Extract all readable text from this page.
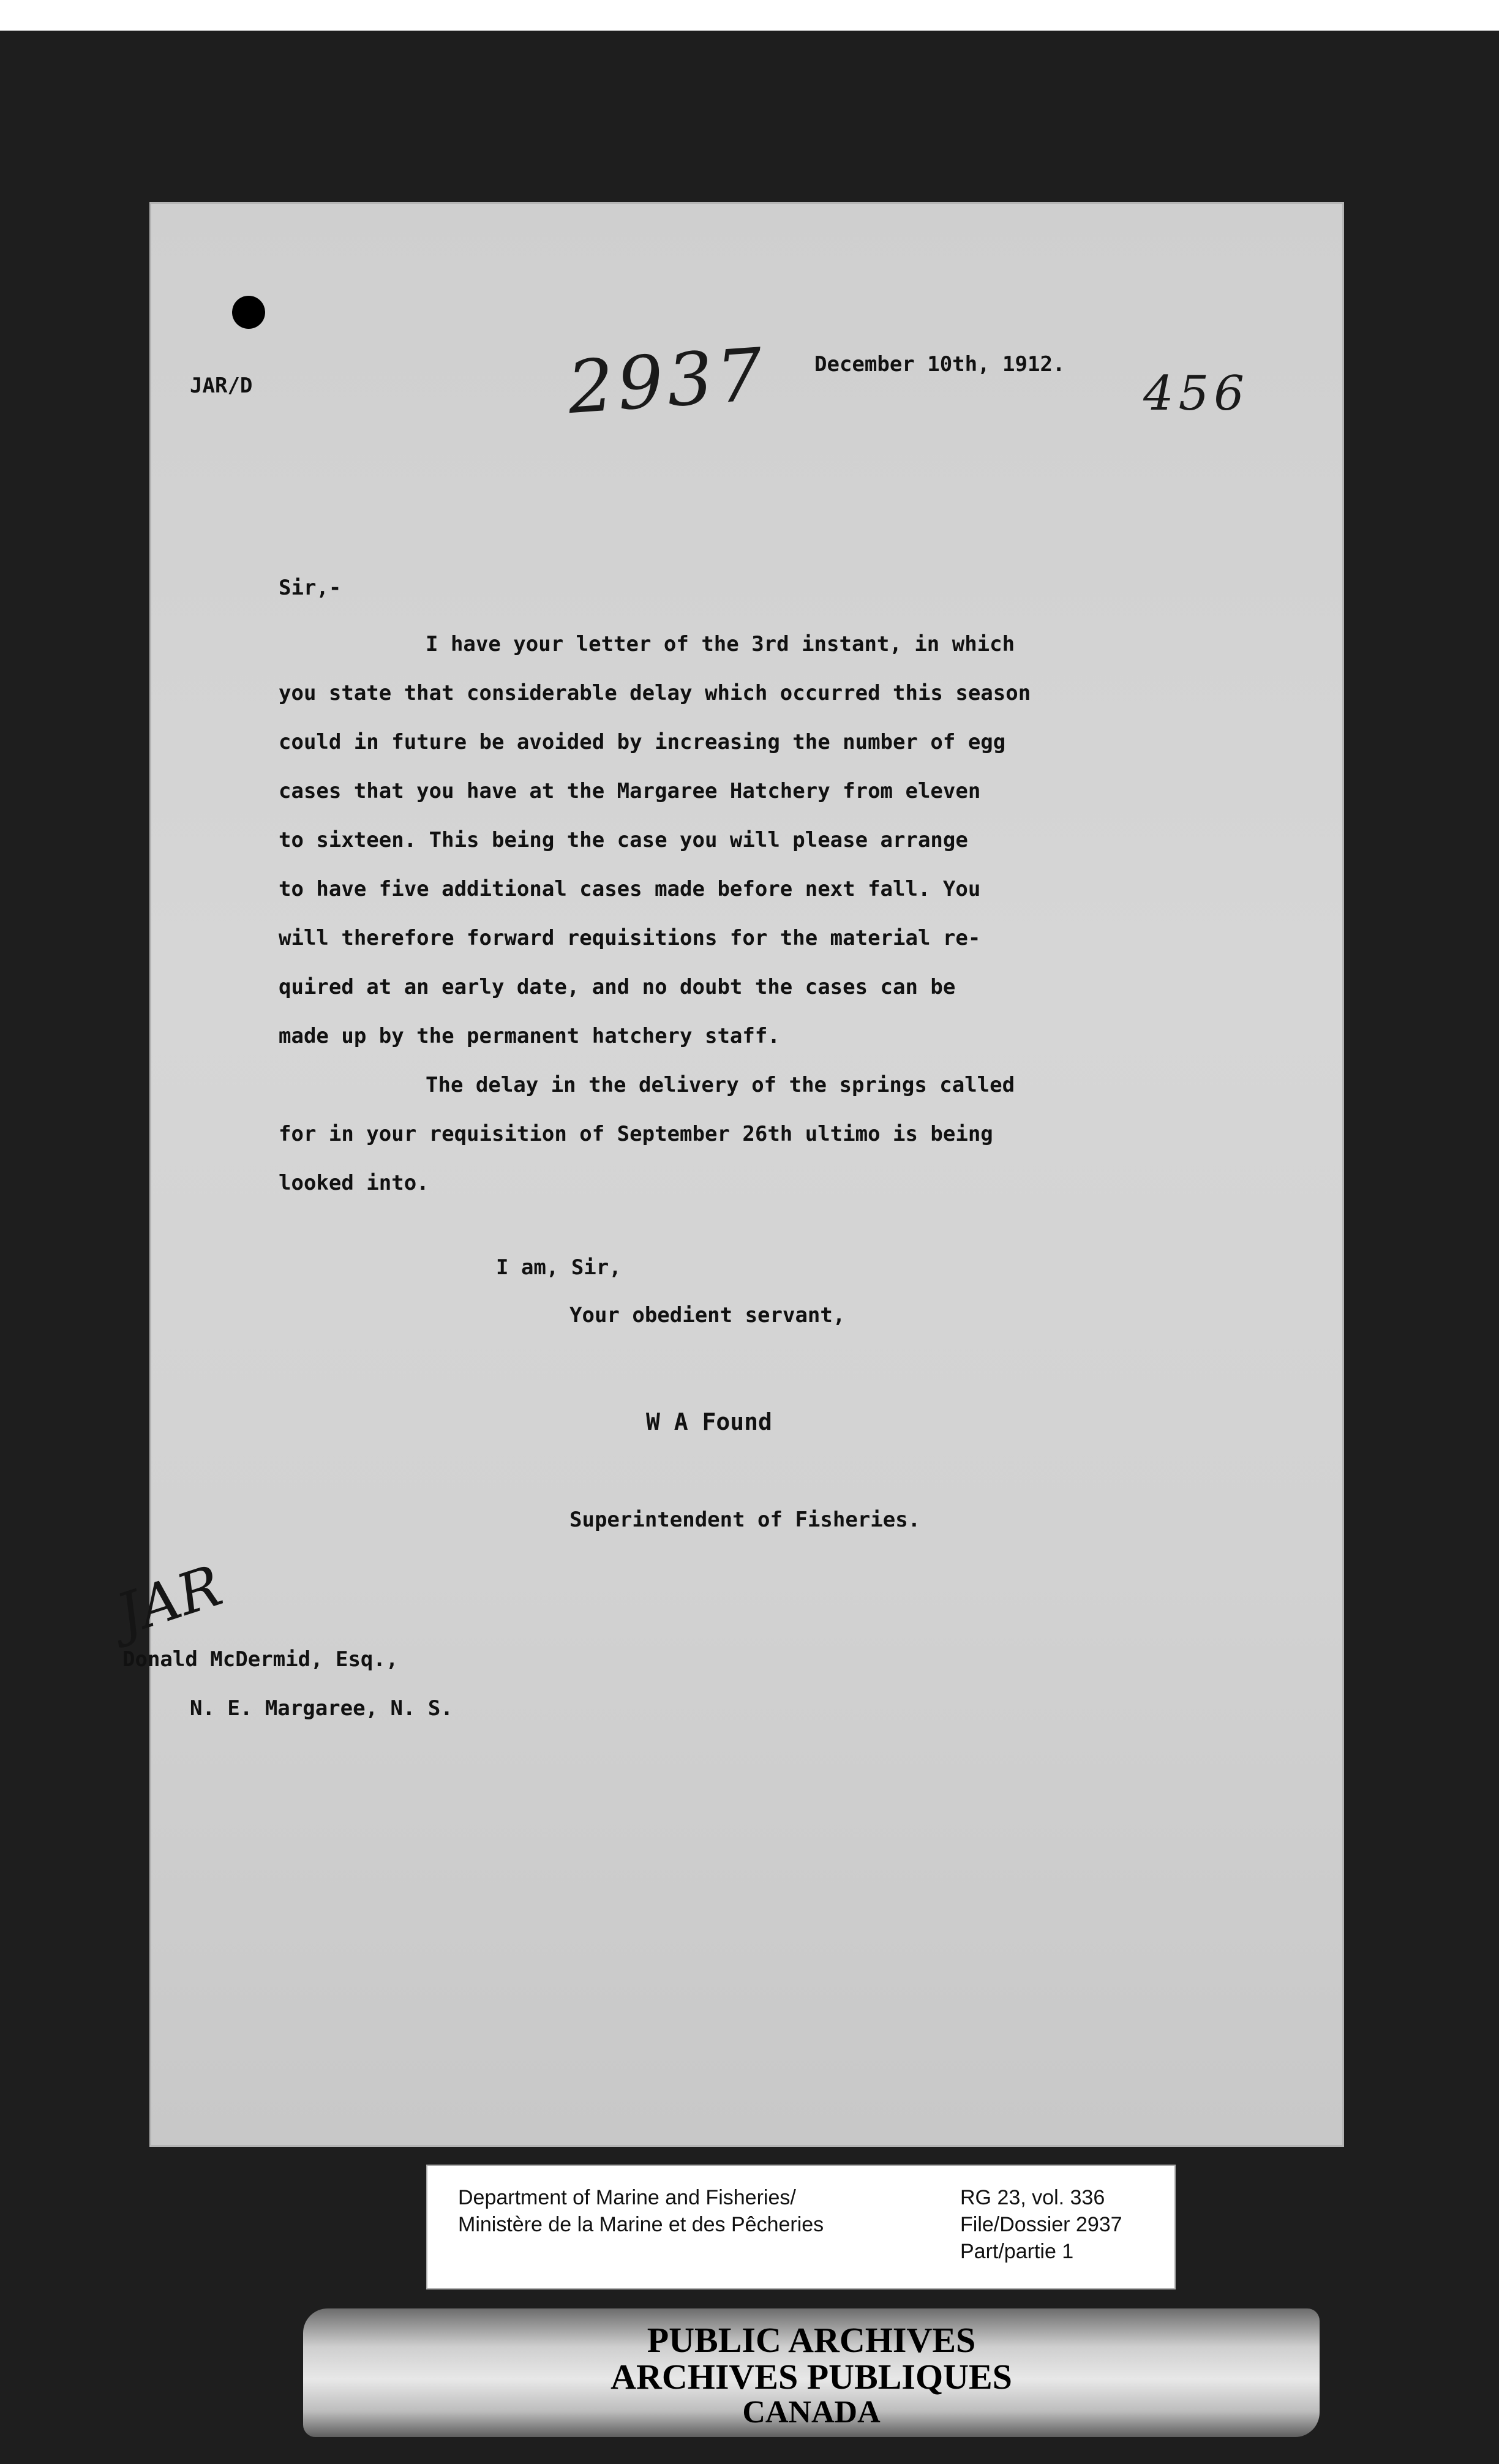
2937	456
JAR/D
December 10th, 1912.
Sir,-

I have your letter of the 3rd instant, in which
you state that considerable delay which occurred this season
could in future be avoided by increasing the number of egg
cases that you have at the Margaree Hatchery from eleven
to sixteen. This being the case you will please arrange
to have five additional cases made before next fall. You
will therefore forward requisitions for the material re-
quired at an early date, and no doubt the cases can be
made up by the permanent hatchery staff.

The delay in the delivery of the springs called
for in your requisition of September 26th ultimo is being
looked into.

I am, Sir,
Your obedient servant,
W A Found
Superintendent of Fisheries.
JAR
Donald McDermid, Esq.,
N. E. Margaree, N. S.
Department of Marine and Fisheries/
Ministère de la Marine et des Pêcheries
RG 23, vol. 336
File/Dossier 2937
Part/partie 1
PUBLIC ARCHIVES
ARCHIVES PUBLIQUES
CANADA
